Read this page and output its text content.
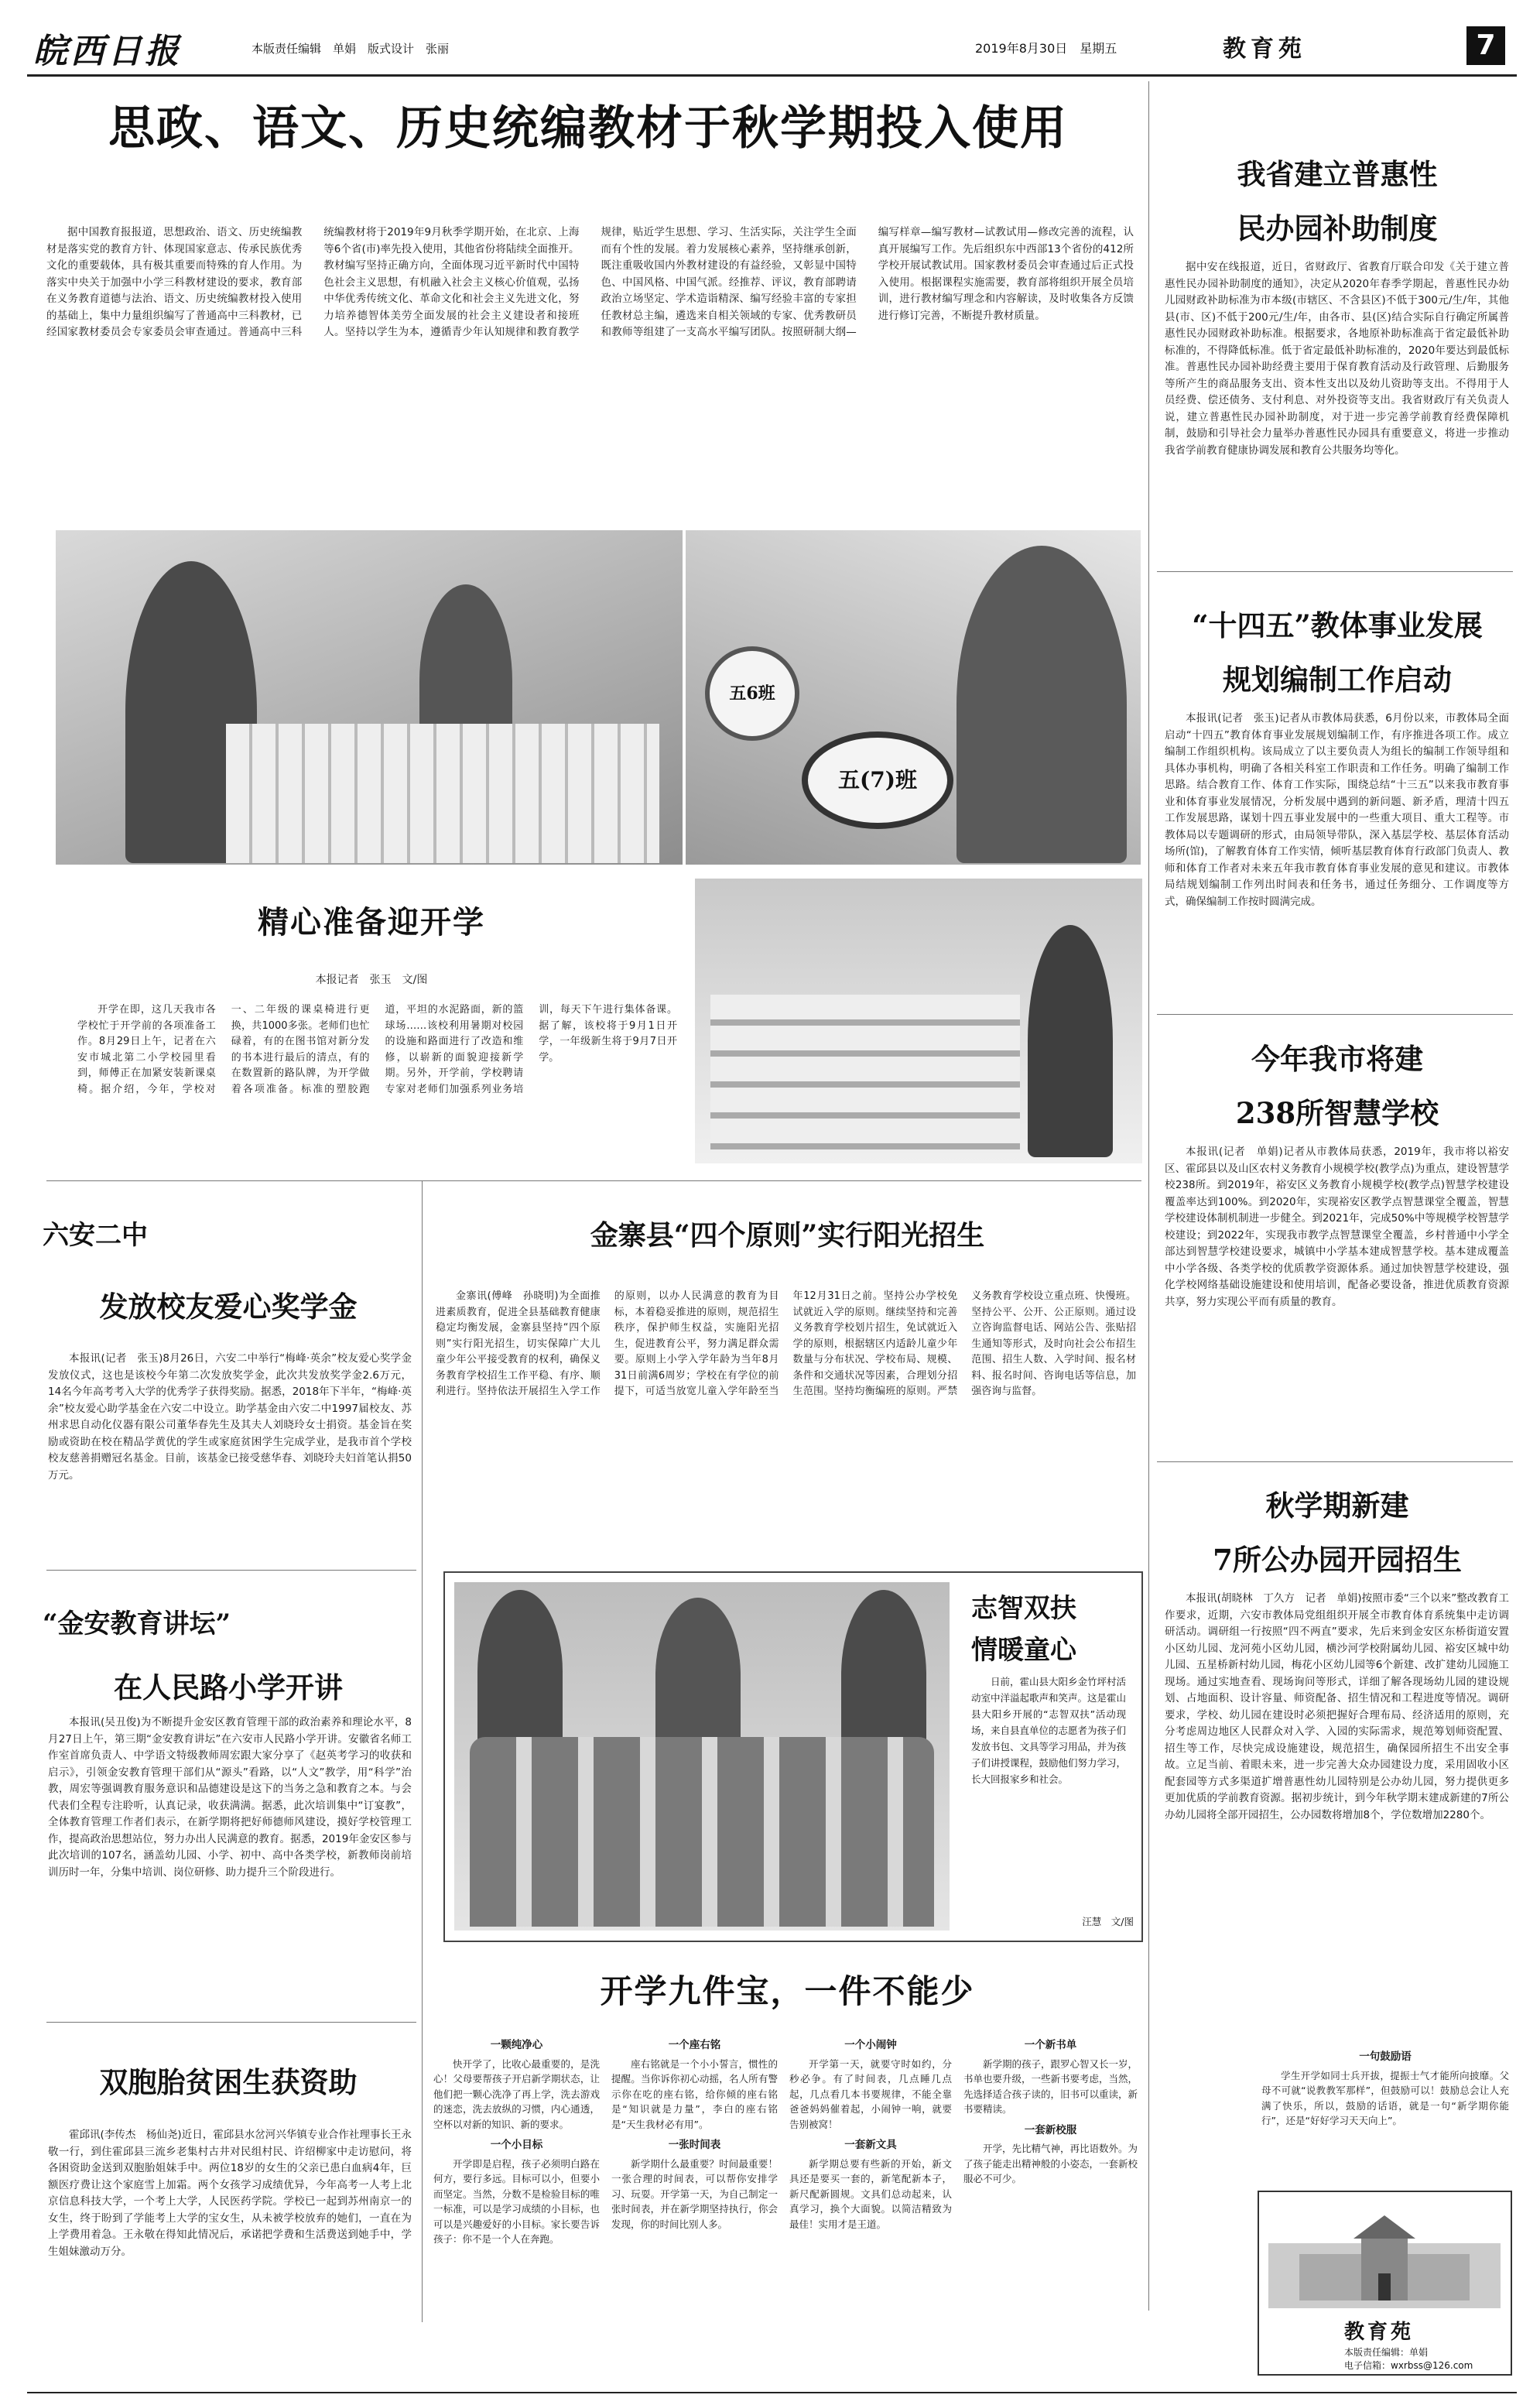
皖西日报	本版责任编辑　单娟　版式设计　张丽	2019年8月30日　星期五	教育苑	7
思政、语文、历史统编教材于秋学期投入使用

据中国教育报报道，思想政治、语文、历史统编教材是落实党的教育方针、体现国家意志、传承民族优秀文化的重要载体，具有极其重要而特殊的育人作用。为落实中央关于加强中小学三科教材建设的要求，教育部在义务教育道德与法治、语文、历史统编教材投入使用的基础上，集中力量组织编写了普通高中三科教材，已经国家教材委员会专家委员会审查通过。普通高中三科统编教材将于2019年9月秋季学期开始，在北京、上海等6个省(市)率先投入使用，其他省份将陆续全面推开。教材编写坚持正确方向，全面体现习近平新时代中国特色社会主义思想，有机融入社会主义核心价值观，弘扬中华优秀传统文化、革命文化和社会主义先进文化，努力培养德智体美劳全面发展的社会主义建设者和接班人。坚持以学生为本，遵循青少年认知规律和教育教学规律，贴近学生思想、学习、生活实际，关注学生全面而有个性的发展。着力发展核心素养，坚持继承创新，既注重吸收国内外教材建设的有益经验，又彰显中国特色、中国风格、中国气派。经推荐、评议，教育部聘请政治立场坚定、学术造诣精深、编写经验丰富的专家担任教材总主编，遴选来自相关领域的专家、优秀教研员和教师等组建了一支高水平编写团队。按照研制大纲—编写样章—编写教材—试教试用—修改完善的流程，认真开展编写工作。先后组织东中西部13个省份的412所学校开展试教试用。国家教材委员会审查通过后正式投入使用。根据课程实施需要，教育部将组织开展全员培训，进行教材编写理念和内容解读，及时收集各方反馈进行修订完善，不断提升教材质量。

五6班
五(7)班
精心准备迎开学
本报记者　张玉　文/图

开学在即，这几天我市各学校忙于开学前的各项准备工作。8月29日上午，记者在六安市城北第二小学校园里看到，师傅正在加紧安装新课桌椅。据介绍，今年，学校对一、二年级的课桌椅进行更换，共1000多张。老师们也忙碌着，有的在图书馆对新分发的书本进行最后的清点，有的在数置新的路队牌，为开学做着各项准备。标准的塑胶跑道，平坦的水泥路面，新的篮球场……该校利用暑期对校园的设施和路面进行了改造和维修，以崭新的面貌迎接新学期。另外，开学前，学校聘请专家对老师们加强系列业务培训，每天下午进行集体备课。据了解，该校将于9月1日开学，一年级新生将于9月7日开学。

我省建立普惠性
民办园补助制度

据中安在线报道，近日，省财政厅、省教育厅联合印发《关于建立普惠性民办园补助制度的通知》，决定从2020年春季学期起，普惠性民办幼儿园财政补助标准为市本级(市辖区、不含县区)不低于300元/生/年，其他县(市、区)不低于200元/生/年，由各市、县(区)结合实际自行确定所属普惠性民办园财政补助标准。根据要求，各地原补助标准高于省定最低补助标准的，不得降低标准。低于省定最低补助标准的，2020年要达到最低标准。普惠性民办园补助经费主要用于保育教育活动及行政管理、后勤服务等所产生的商品服务支出、资本性支出以及幼儿资助等支出。不得用于人员经费、偿还债务、支付利息、对外投资等支出。我省财政厅有关负责人说，建立普惠性民办园补助制度，对于进一步完善学前教育经费保障机制，鼓励和引导社会力量举办普惠性民办园具有重要意义，将进一步推动我省学前教育健康协调发展和教育公共服务均等化。

“十四五”教体事业发展
规划编制工作启动

本报讯(记者　张玉)记者从市教体局获悉，6月份以来，市教体局全面启动“十四五”教育体育事业发展规划编制工作，有序推进各项工作。成立编制工作组织机构。该局成立了以主要负责人为组长的编制工作领导组和具体办事机构，明确了各相关科室工作职责和工作任务。明确了编制工作思路。结合教育工作、体育工作实际，围绕总结“十三五”以来我市教育事业和体育事业发展情况，分析发展中遇到的新问题、新矛盾，理清十四五工作发展思路，谋划十四五事业发展中的一些重大项目、重大工程等。市教体局以专题调研的形式，由局领导带队，深入基层学校、基层体育活动场所(馆)，了解教育体育工作实情，倾听基层教育体育行政部门负责人、教师和体育工作者对未来五年我市教育体育事业发展的意见和建议。市教体局结规划编制工作列出时间表和任务书，通过任务细分、工作调度等方式，确保编制工作按时圆满完成。

今年我市将建
238所智慧学校

本报讯(记者　单娟)记者从市教体局获悉，2019年，我市将以裕安区、霍邱县以及山区农村义务教育小规模学校(教学点)为重点，建设智慧学校238所。到2019年，裕安区义务教育小规模学校(教学点)智慧学校建设覆盖率达到100%。到2020年，实现裕安区教学点智慧课堂全覆盖，智慧学校建设体制机制进一步健全。到2021年，完成50%中等规模学校智慧学校建设；到2022年，实现我市教学点智慧课堂全覆盖，乡村普通中小学全部达到智慧学校建设要求，城镇中小学基本建成智慧学校。基本建成覆盖中小学各级、各类学校的优质教学资源体系。通过加快智慧学校建设，强化学校网络基础设施建设和使用培训，配备必要设备，推进优质教育资源共享，努力实现公平而有质量的教育。

秋学期新建
7所公办园开园招生

本报讯(胡晓林　丁久方　记者　单娟)按照市委“三个以来”整改教育工作要求，近期，六安市教体局党组组织开展全市教育体育系统集中走访调研活动。调研组一行按照“四不两直”要求，先后来到金安区东桥街道安置小区幼儿园、龙河苑小区幼儿园，横沙河学校附属幼儿园、裕安区城中幼儿园、五星桥新村幼儿园，梅花小区幼儿园等6个新建、改扩建幼儿园施工现场。通过实地查看、现场询问等形式，详细了解各现场幼儿园的建设规划、占地面积、设计容量、师资配备、招生情况和工程进度等情况。调研要求，学校、幼儿园在建设时必须把握好合理布局、经济适用的原则，充分考虑周边地区人民群众对入学、入园的实际需求，规范筹划师资配置、招生等工作，尽快完成设施建设，规范招生，确保园所招生不出安全事故。立足当前、着眼未来，进一步完善大众办园建设力度，采用固收小区配套园等方式多渠道扩增普惠性幼儿园特别是公办幼儿园，努力提供更多更加优质的学前教育资源。据初步统计，到今年秋学期末建成新建的7所公办幼儿园将全部开园招生，公办园数将增加8个，学位数增加2280个。

六安二中
发放校友爱心奖学金

本报讯(记者　张玉)8月26日，六安二中举行“梅峰·英余”校友爱心奖学金发放仪式，这也是该校今年第二次发放奖学金，此次共发放奖学金2.6万元，14名今年高考考入大学的优秀学子获得奖励。据悉，2018年下半年，“梅峰·英余”校友爱心助学基金在六安二中设立。助学基金由六安二中1997届校友、苏州求思自动化仪器有限公司董华春先生及其夫人刘晓玲女士捐资。基金旨在奖励或资助在校在精品学黄优的学生或家庭贫困学生完成学业，是我市首个学校校友慈善捐赠冠名基金。目前，该基金已接受慈华春、刘晓玲夫妇首笔认捐50万元。

“金安教育讲坛”
在人民路小学开讲

本报讯(吴丑俊)为不断提升金安区教育管理干部的政治素养和理论水平，8月27日上午，第三期“金安教育讲坛”在六安市人民路小学开讲。安徽省名师工作室首席负责人、中学语文特级教师周宏跟大家分享了《赵英考学习的收获和启示》，引领金安教育管理干部们从“源头”看路，以“人文”教学，用“科学”治教，周宏等强调教育服务意识和品德建设是这下的当务之急和教育之本。与会代表们全程专注聆听，认真记录，收获满满。据悉，此次培训集中“订宴教”，全体教育管理工作者们表示，在新学期将把好师德师风建设，摸好学校管理工作，提高政治思想站位，努力办出人民满意的教育。据悉，2019年金安区参与此次培训的107名，涵盖幼儿园、小学、初中、高中各类学校，新教师岗前培训历时一年，分集中培训、岗位研修、助力提升三个阶段进行。

双胞胎贫困生获资助

霍邱讯(李传杰　杨仙尧)近日，霍邱县水岔河兴华镇专业合作社理事长王永敬一行，到住霍邱县三流乡老集村古井对民组村民、许绍柳家中走访慰问，将各困资助金送到双胞胎姐妹手中。两位18岁的女生的父亲已患白血病4年，巨额医疗费让这个家庭雪上加霜。两个女孩学习成绩优异，今年高考一人考上北京信息科技大学，一个考上大学，人民医药学院。学校已一起到苏州南京一的女生，终于盼到了学能考上大学的宝女生，从未被学校放弃的她们，一直在为上学费用着急。王永敬在得知此情况后，承诺把学费和生活费送到她手中，学生姐妹激动万分。

金寨县“四个原则”实行阳光招生

金寨讯(傅峰　孙晓明)为全面推进素质教育，促进全县基础教育健康稳定均衡发展，金寨县坚持“四个原则”实行阳光招生，切实保障广大儿童少年公平接受教育的权利，确保义务教育学校招生工作平稳、有序、顺利进行。坚持依法开展招生入学工作的原则，以办人民满意的教育为目标，本着稳妥推进的原则，规范招生秩序，保护师生权益，实施阳光招生，促进教育公平，努力满足群众需要。原则上小学入学年龄为当年8月31日前满6周岁；学校在有学位的前提下，可适当放宽儿童入学年龄至当年12月31日之前。坚持公办学校免试就近入学的原则。继续坚持和完善义务教育学校划片招生，免试就近入学的原则，根据辖区内适龄儿童少年数量与分布状况、学校布局、规模、条件和交通状况等因素，合理划分招生范围。坚持均衡编班的原则。严禁义务教育学校设立重点班、快慢班。坚持公平、公开、公正原则。通过设立咨询监督电话、网站公告、张贴招生通知等形式，及时向社会公布招生范围、招生人数、入学时间、报名材料、报名时间、咨询电话等信息，加强咨询与监督。

志智双扶
情暖童心
日前，霍山县大阳乡金竹坪村活动室中洋溢起歌声和笑声。这是霍山县大阳乡开展的“志智双扶”活动现场，来自县直单位的志愿者为孩子们发放书包、文具等学习用品，并为孩子们讲授课程，鼓励他们努力学习，长大回报家乡和社会。
汪慧　文/图
开学九件宝，一件不能少
一颗纯净心

快开学了，比收心最重要的，是洗心！父母要帮孩子开启新学期状态，让他们把一颗心洗净了再上学，洗去游戏的迷恋，洗去放纵的习惯，内心通透，空杯以对新的知识、新的要求。

一个小目标

开学即是启程，孩子必须明白路在何方，要行多远。目标可以小，但要小而坚定。当然，分数不是检验目标的唯一标准，可以是学习成绩的小目标，也可以是兴趣爱好的小目标。家长要告诉孩子：你不是一个人在奔跑。

一个座右铭

座右铭就是一个小小誓言，惯性的提醒。当你诉你初心动摇，名人所有警示你在吃的座右铭，给你倾的座右铭是“知识就是力量”，李白的座右铭是“天生我材必有用”。

一张时间表

新学期什么最重要？时间最重要！一张合理的时间表，可以帮你安排学习、玩耍。开学第一天，为自己制定一张时间表，并在新学期坚持执行，你会发现，你的时间比别人多。

一个小闹钟

开学第一天，就要守时如约，分秒必争。有了时间表，几点睡几点起，几点看几本书要规律，不能全靠爸爸妈妈催着起，小闹钟一响，就要告别被窝！

一套新文具

新学期总要有些新的开始，新文具还是要买一套的，新笔配新本子，新尺配新圆规。文具们总动起来，认真学习，换个大面貌。以简洁精致为最佳！实用才是王道。

一个新书单

新学期的孩子，跟罗心智又长一岁，书单也要升级，一些新书要考虑，当然，先选择适合孩子读的，旧书可以重读，新书要精读。

一套新校服

开学，先比精气神，再比语数外。为了孩子能走出精神般的小姿态，一套新校服必不可少。

一句鼓励语

学生开学如同士兵开拔，提振士气才能所向披靡。父母不可就“说教教军那样”，但鼓励可以！鼓励总会让人充满了快乐，所以，鼓励的话语，就是一句“新学期你能行”，还是“好好学习天天向上”。

教育苑
本版责任编辑：单娟
电子信箱：wxrbss@126.com
